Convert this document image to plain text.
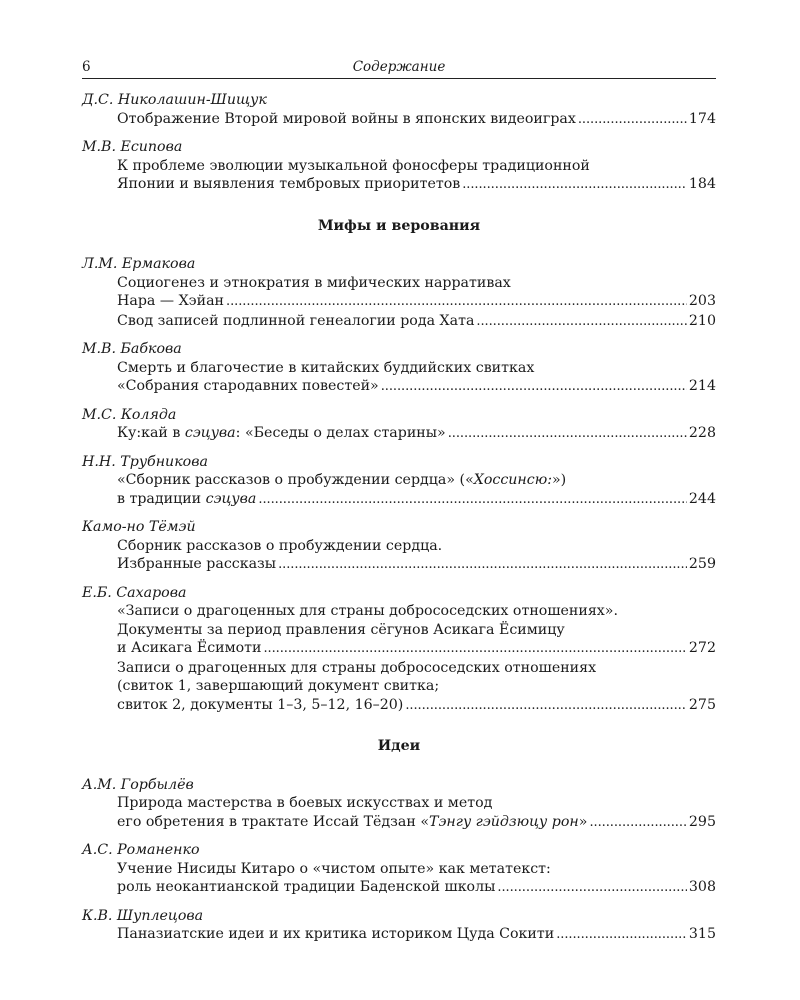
6	Содержание
Д.С. Николашин-Шищук
Отображение Второй мировой войны в японских видеоиграх . . .	174
М.В. Есипова
К проблеме эволюции музыкальной фоносферы традиционной
Японии и выявления тембровых приоритетов . . .	184
Мифы и верования
Л.М. Ермакова
Социогенез и этнократия в мифических нарративах
Нара — Хэйан . . .	203
Свод записей подлинной генеалогии рода Хата . . .	210
М.В. Бабкова
Смерть и благочестие в китайских буддийских свитках
«Собрания стародавних повестей» . . .	214
М.С. Коляда
Ку:кай в сэцува: «Беседы о делах старины» . . .	228
Н.Н. Трубникова
«Сборник рассказов о пробуждении сердца» («Хоссинсю:»)
в традиции сэцува . . .	244
Камо-но Тёмэй
Сборник рассказов о пробуждении сердца.
Избранные рассказы . . .	259
Е.Б. Сахарова
«Записи о драгоценных для страны добрососедских отношениях».
Документы за период правления сёгунов Асикага Ёсимицу
и Асикага Ёсимоти . . .	272
Записи о драгоценных для страны добрососедских отношениях
(свиток 1, завершающий документ свитка;
свиток 2, документы 1–3, 5–12, 16–20) . . .	275
Идеи
А.М. Горбылёв
Природа мастерства в боевых искусствах и метод
его обретения в трактате Иссай Тёдзан «Тэнгу гэйдзюцу рон» . . .	295
А.С. Романенко
Учение Нисиды Китаро о «чистом опыте» как метатекст:
роль неокантианской традиции Баденской школы . . .	308
К.В. Шуплецова
Паназиатские идеи и их критика историком Цуда Сокити . . .	315
